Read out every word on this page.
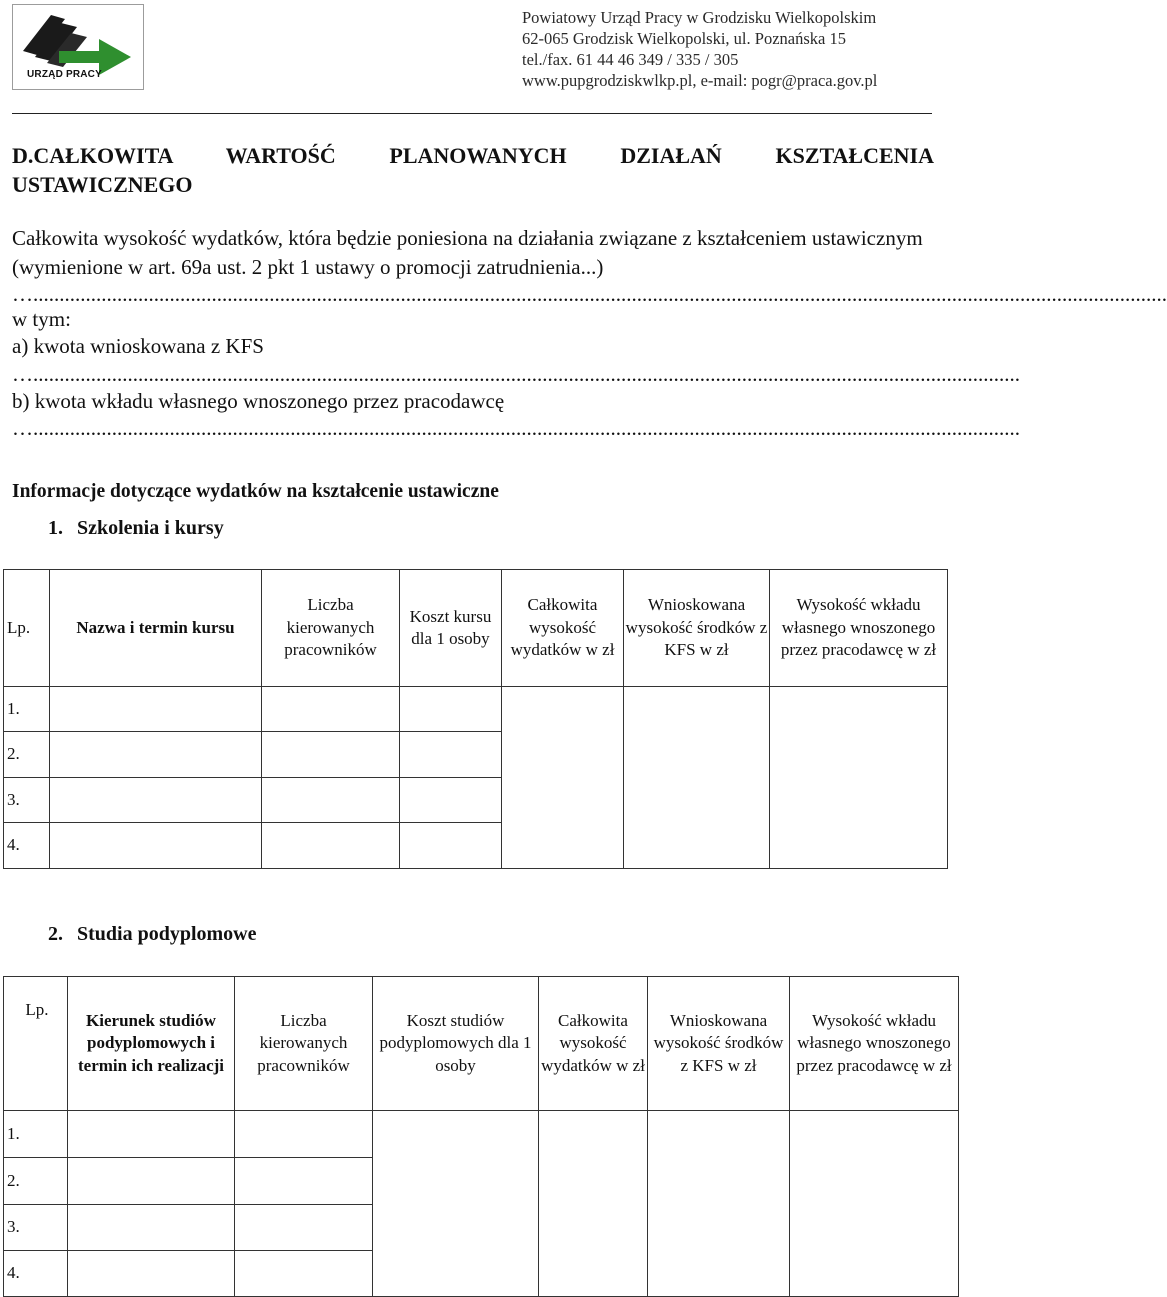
URZĄD PRACY
Powiatowy Urząd Pracy w Grodzisku Wielkopolskim
62-065 Grodzisk Wielkopolski, ul. Poznańska 15
tel./fax. 61 44 46 349 / 335 / 305
www.pupgrodziskwlkp.pl, e-mail: pogr@praca.gov.pl
D.CAŁKOWITA WARTOŚĆ PLANOWANYCH DZIAŁAŃ KSZTAŁCENIA
USTAWICZNEGO
Całkowita wysokość wydatków, która będzie poniesiona na działania związane z kształceniem ustawicznym (wymienione w art. 69a ust. 2 pkt 1 ustawy o promocji zatrudnienia...)
…........................................................................................................................................................................................................................
w tym:
a) kwota wnioskowana z KFS
…............................................................................................................................................................................................
b) kwota wkładu własnego wnoszonego przez pracodawcę
…............................................................................................................................................................................................
Informacje dotyczące wydatków na kształcenie ustawiczne
1. Szkolenia i kursy
Lp.	Nazwa i termin kursu	Liczba kierowanych pracowników	Koszt kursu dla 1 osoby	Całkowita wysokość wydatków w zł	Wnioskowana wysokość środków z KFS w zł	Wysokość wkładu własnego wnoszonego przez pracodawcę w zł
1.						
2.						
3.						
4.						
2. Studia podyplomowe
Lp.	Kierunek studiów podyplomowych i termin ich realizacji	Liczba kierowanych pracowników	Koszt studiów podyplomowych dla 1 osoby	Całkowita wysokość wydatków w zł	Wnioskowana wysokość środków z KFS w zł	Wysokość wkładu własnego wnoszonego przez pracodawcę w zł
1.						
2.						
3.						
4.						
